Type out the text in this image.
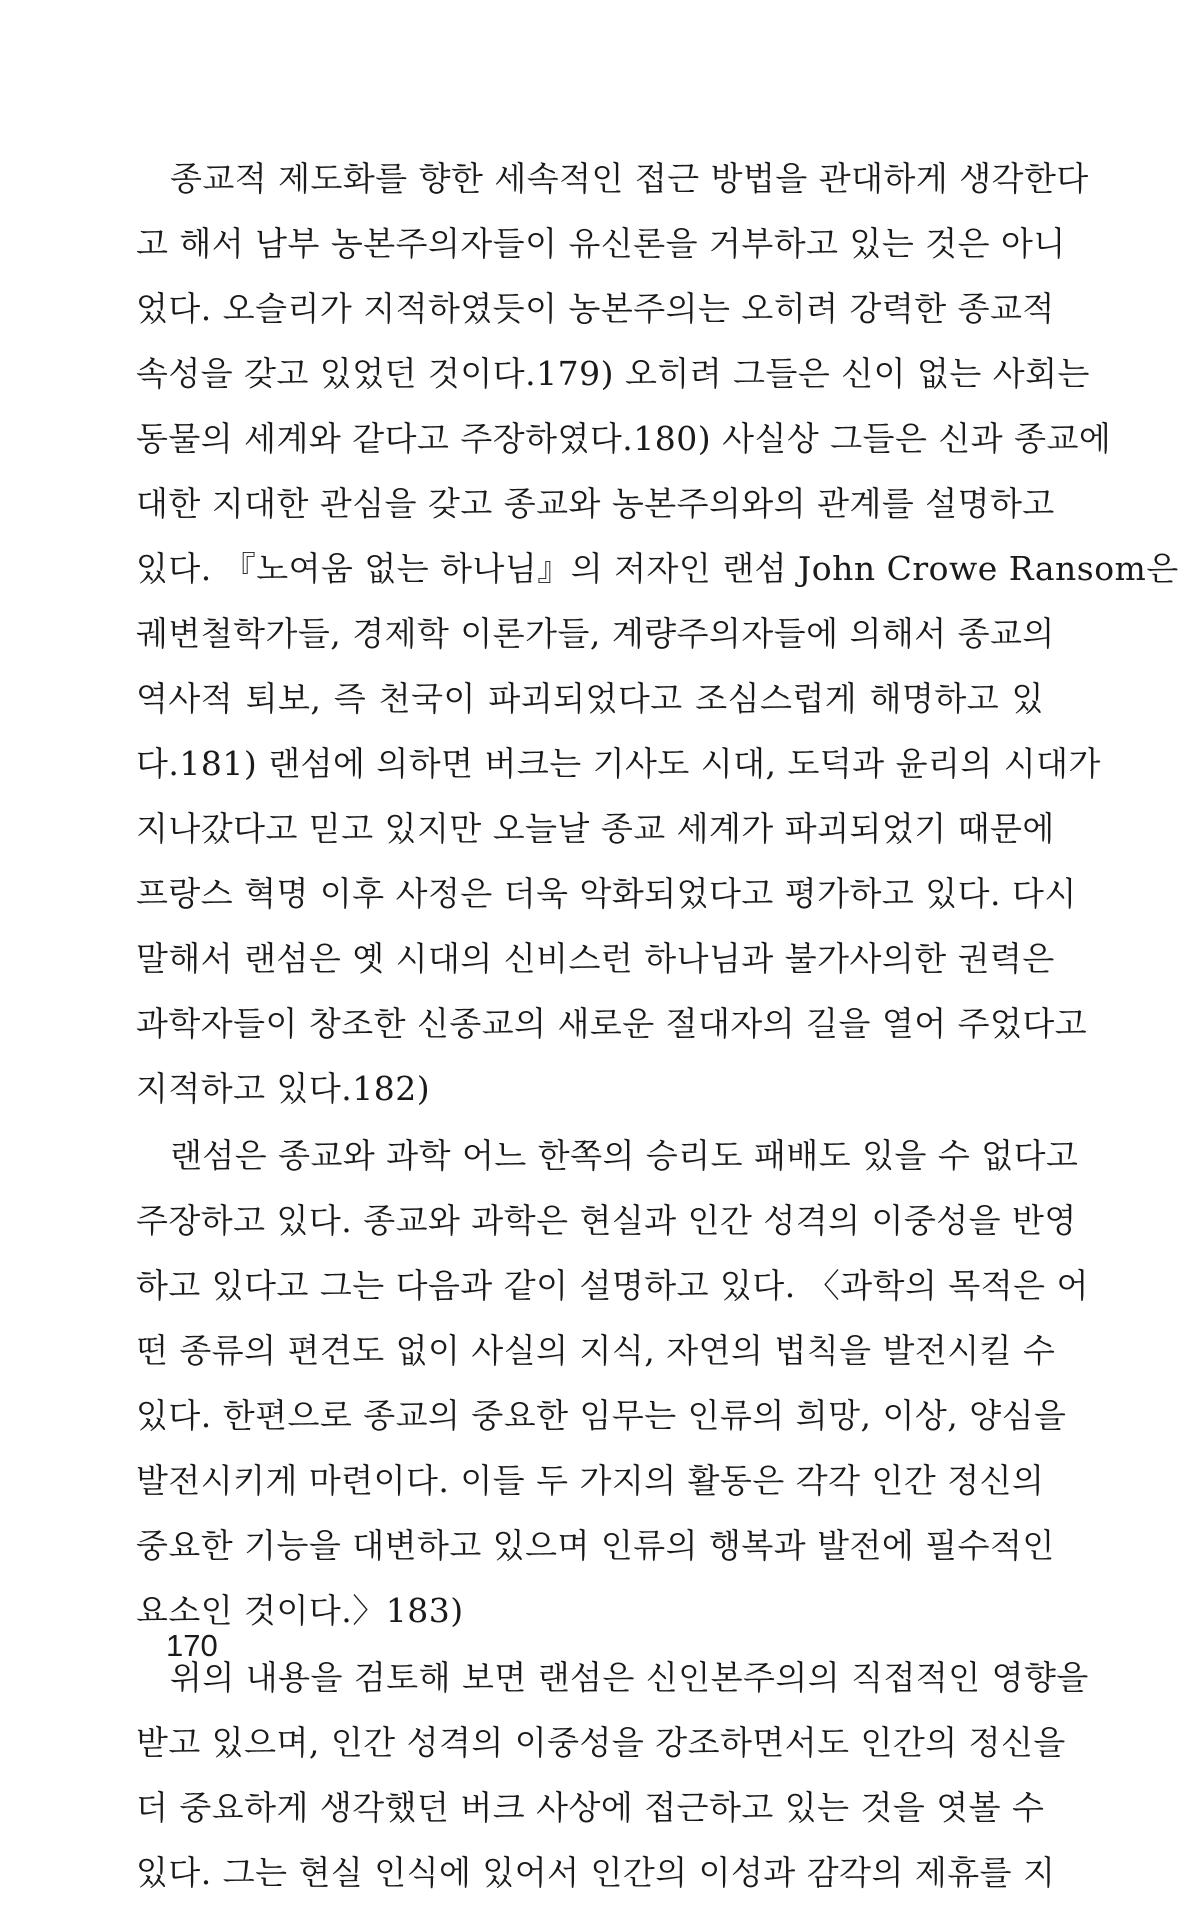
종교적 제도화를 향한 세속적인 접근 방법을 관대하게 생각한다
고 해서 남부 농본주의자들이 유신론을 거부하고 있는 것은 아니
었다. 오슬리가 지적하였듯이 농본주의는 오히려 강력한 종교적
속성을 갖고 있었던 것이다.179) 오히려 그들은 신이 없는 사회는
동물의 세계와 같다고 주장하였다.180) 사실상 그들은 신과 종교에
대한 지대한 관심을 갖고 종교와 농본주의와의 관계를 설명하고
있다. 『노여움 없는 하나님』의 저자인 랜섬 John Crowe Ransom은
궤변철학가들, 경제학 이론가들, 계량주의자들에 의해서 종교의
역사적 퇴보, 즉 천국이 파괴되었다고 조심스럽게 해명하고 있
다.181) 랜섬에 의하면 버크는 기사도 시대, 도덕과 윤리의 시대가
지나갔다고 믿고 있지만 오늘날 종교 세계가 파괴되었기 때문에
프랑스 혁명 이후 사정은 더욱 악화되었다고 평가하고 있다. 다시
말해서 랜섬은 옛 시대의 신비스런 하나님과 불가사의한 권력은
과학자들이 창조한 신종교의 새로운 절대자의 길을 열어 주었다고
지적하고 있다.182)
랜섬은 종교와 과학 어느 한쪽의 승리도 패배도 있을 수 없다고
주장하고 있다. 종교와 과학은 현실과 인간 성격의 이중성을 반영
하고 있다고 그는 다음과 같이 설명하고 있다. 〈과학의 목적은 어
떤 종류의 편견도 없이 사실의 지식, 자연의 법칙을 발전시킬 수
있다. 한편으로 종교의 중요한 임무는 인류의 희망, 이상, 양심을
발전시키게 마련이다. 이들 두 가지의 활동은 각각 인간 정신의
중요한 기능을 대변하고 있으며 인류의 행복과 발전에 필수적인
요소인 것이다.〉183)
위의 내용을 검토해 보면 랜섬은 신인본주의의 직접적인 영향을
받고 있으며, 인간 성격의 이중성을 강조하면서도 인간의 정신을
더 중요하게 생각했던 버크 사상에 접근하고 있는 것을 엿볼 수
있다. 그는 현실 인식에 있어서 인간의 이성과 감각의 제휴를 지
170
